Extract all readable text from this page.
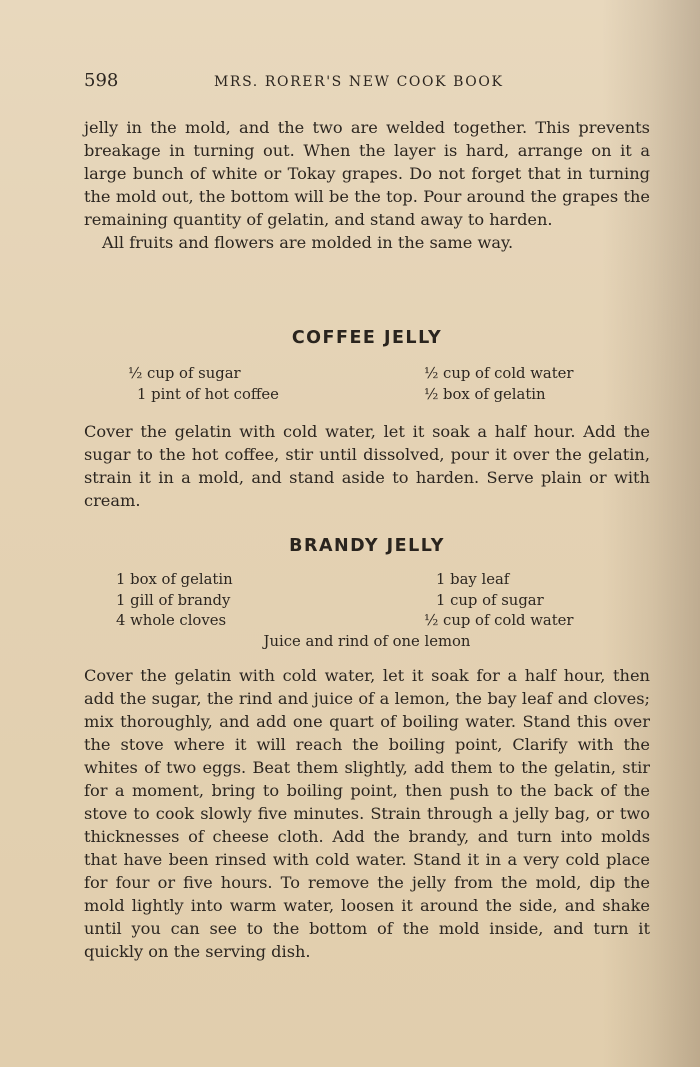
598	MRS. RORER'S NEW COOK BOOK

jelly in the mold, and the two are welded together. This prevents breakage in turning out. When the layer is hard, arrange on it a large bunch of white or Tokay grapes. Do not forget that in turning the mold out, the bottom will be the top. Pour around the grapes the remaining quantity of gelatin, and stand away to harden.

All fruits and flowers are molded in the same way.

COFFEE JELLY
½ cup of sugar
1 pint of hot coffee
½ cup of cold water
½ box of gelatin

Cover the gelatin with cold water, let it soak a half hour. Add the sugar to the hot coffee, stir until dissolved, pour it over the gelatin, strain it in a mold, and stand aside to harden. Serve plain or with cream.

BRANDY JELLY
1 box of gelatin
1 gill of brandy
4 whole cloves
1 bay leaf
1 cup of sugar
½ cup of cold water
Juice and rind of one lemon

Cover the gelatin with cold water, let it soak for a half hour, then add the sugar, the rind and juice of a lemon, the bay leaf and cloves; mix thoroughly, and add one quart of boiling water. Stand this over the stove where it will reach the boiling point, Clarify with the whites of two eggs. Beat them slightly, add them to the gelatin, stir for a moment, bring to boiling point, then push to the back of the stove to cook slowly five minutes. Strain through a jelly bag, or two thicknesses of cheese cloth. Add the brandy, and turn into molds that have been rinsed with cold water. Stand it in a very cold place for four or five hours. To remove the jelly from the mold, dip the mold lightly into warm water, loosen it around the side, and shake until you can see to the bottom of the mold inside, and turn it quickly on the serving dish.
